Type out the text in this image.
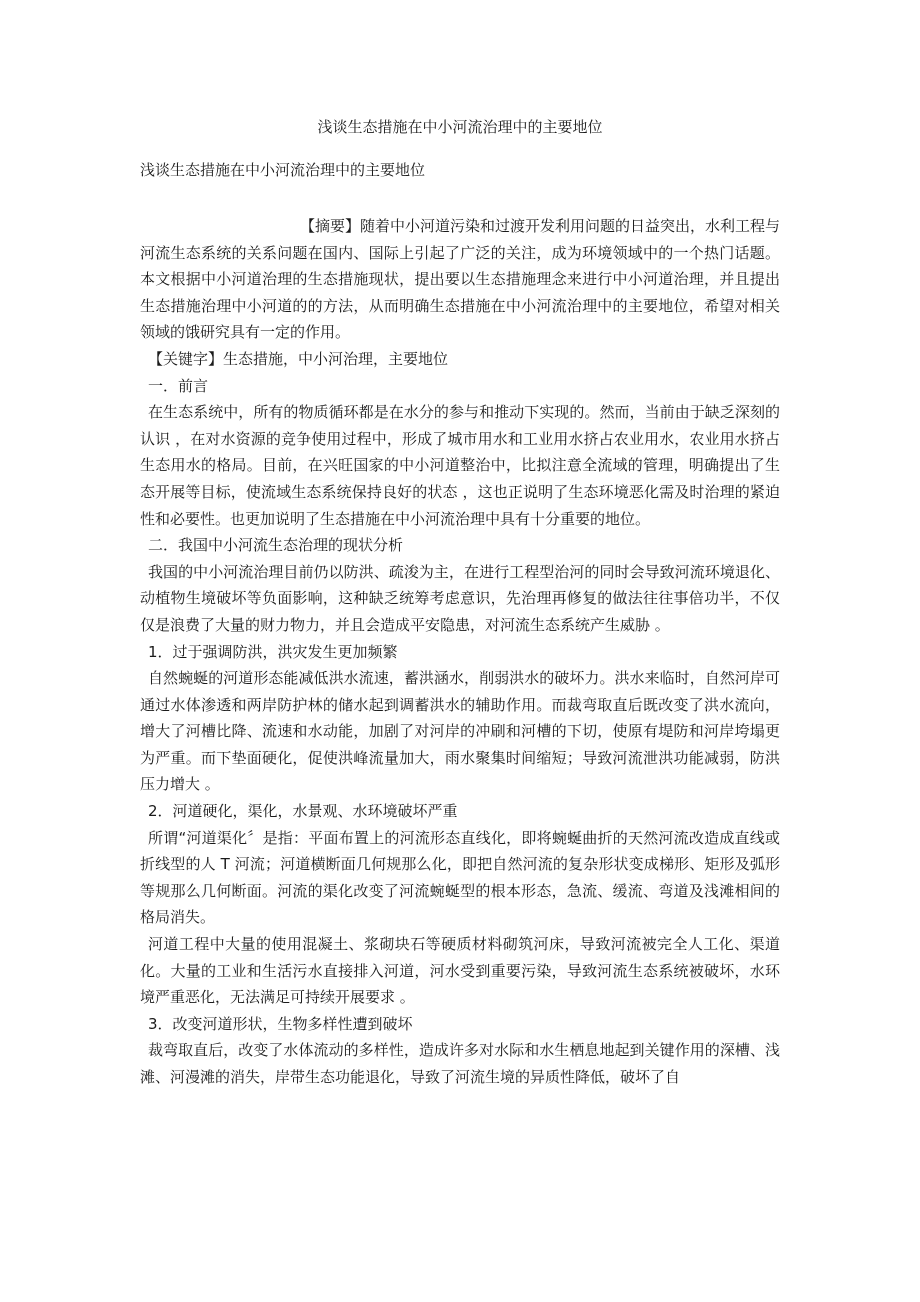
浅谈生态措施在中小河流治理中的主要地位
浅谈生态措施在中小河流治理中的主要地位

【摘要】随着中小河道污染和过渡开发利用问题的日益突出，水利工程与河流生态系统的关系问题在国内、国际上引起了广泛的关注，成为环境领域中的一个热门话题。本文根据中小河道治理的生态措施现状，提出要以生态措施理念来进行中小河道治理，并且提出生态措施治理中小河道的的方法，从而明确生态措施在中小河流治理中的主要地位，希望对相关领域的饿研究具有一定的作用。

【关键字】生态措施，中小河治理，主要地位

一．前言

在生态系统中，所有的物质循环都是在水分的参与和推动下实现的。然而，当前由于缺乏深刻的认识 ，在对水资源的竞争使用过程中，形成了城市用水和工业用水挤占农业用水，农业用水挤占生态用水的格局。目前，在兴旺国家的中小河道整治中，比拟注意全流域的管理，明确提出了生态开展等目标，使流域生态系统保持良好的状态 ，这也正说明了生态环境恶化需及时治理的紧迫性和必要性。也更加说明了生态措施在中小河流治理中具有十分重要的地位。

二．我国中小河流生态治理的现状分析

我国的中小河流治理目前仍以防洪、疏浚为主，在进行工程型治河的同时会导致河流环境退化、动植物生境破坏等负面影响，这种缺乏统筹考虑意识，先治理再修复的做法往往事倍功半，不仅仅是浪费了大量的财力物力，并且会造成平安隐患，对河流生态系统产生威胁 。

1．过于强调防洪，洪灾发生更加频繁

自然蜿蜒的河道形态能减低洪水流速，蓄洪涵水，削弱洪水的破坏力。洪水来临时，自然河岸可通过水体渗透和两岸防护林的储水起到调蓄洪水的辅助作用。而裁弯取直后既改变了洪水流向，增大了河槽比降、流速和水动能，加剧了对河岸的冲刷和河槽的下切，使原有堤防和河岸垮塌更为严重。而下垫面硬化，促使洪峰流量加大，雨水聚集时间缩短；导致河流泄洪功能减弱，防洪压力增大 。

2．河道硬化，渠化，水景观、水环境破坏严重

所谓“河道渠化〞是指：平面布置上的河流形态直线化，即将蜿蜒曲折的天然河流改造成直线或折线型的人 T 河流；河道横断面几何规那么化，即把自然河流的复杂形状变成梯形、矩形及弧形等规那么几何断面。河流的渠化改变了河流蜿蜒型的根本形态，急流、缓流、弯道及浅滩相间的格局消失。

河道工程中大量的使用混凝土、浆砌块石等硬质材料砌筑河床，导致河流被完全人工化、渠道化。大量的工业和生活污水直接排入河道，河水受到重要污染，导致河流生态系统被破坏，水环境严重恶化，无法满足可持续开展要求 。

3．改变河道形状，生物多样性遭到破坏

裁弯取直后，改变了水体流动的多样性，造成许多对水际和水生栖息地起到关键作用的深槽、浅滩、河漫滩的消失，岸带生态功能退化，导致了河流生境的异质性降低，破坏了自
